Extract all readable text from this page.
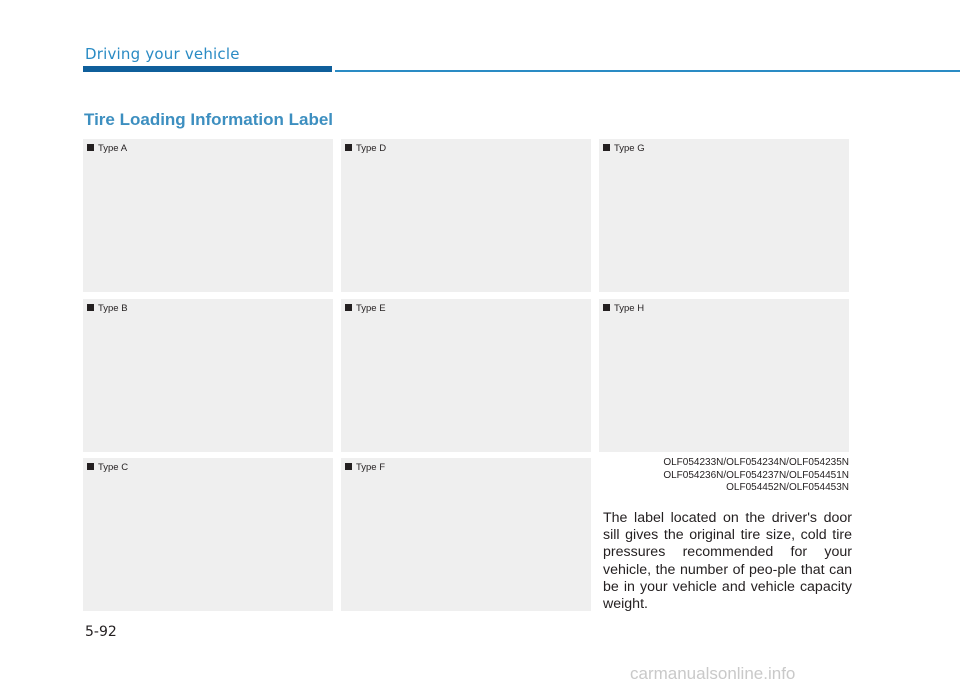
Driving your vehicle
Tire Loading Information Label
Type A	Type D	Type G
Type B	Type E	Type H
Type C	Type F	OLF054233N/OLF054234N/OLF054235N
OLF054236N/OLF054237N/OLF054451N
OLF054452N/OLF054453N
The label located on the driver's door sill gives the original tire size, cold tire pressures recommended for your vehicle, the number of peo-ple that can be in your vehicle and vehicle capacity weight.
5-92
carmanualsonline.info
